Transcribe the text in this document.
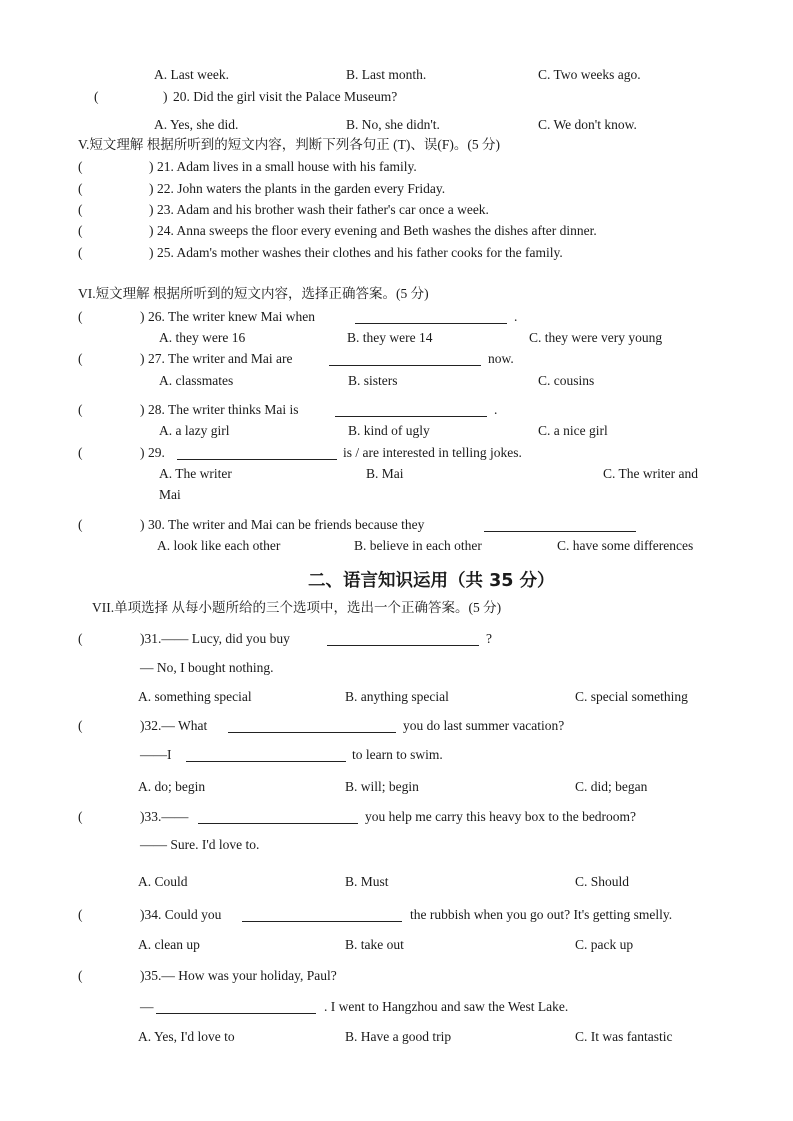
A. Last week.	B. Last month.	C. Two weeks ago.
(	) 20. Did the girl visit the Palace Museum?
A. Yes, she did.	B. No, she didn't.	C. We don't know.
V.短文理解 根据所听到的短文内容，判断下列各句正 (T)、误(F)。(5 分)
(	) 21. Adam lives in a small house with his family.
(	) 22. John waters the plants in the garden every Friday.
(	) 23. Adam and his brother wash their father's car once a week.
(	) 24. Anna sweeps the floor every evening and Beth washes the dishes after dinner.
(	) 25. Adam's mother washes their clothes and his father cooks for the family.
VI.短文理解 根据所听到的短文内容，选择正确答案。(5 分)
(	) 26. The writer knew Mai when	.
A. they were 16	B. they were 14	C. they were very young
(	) 27. The writer and Mai are	now.
A. classmates	B. sisters	C. cousins
(	) 28. The writer thinks Mai is	.
A. a lazy girl	B. kind of ugly	C. a nice girl
(	) 29.	is / are interested in telling jokes.
A. The writer	B. Mai	C. The writer and
Mai
(	) 30. The writer and Mai can be friends because they
A. look like each other	B. believe in each other	C. have some differences
二、语言知识运用（共 35 分）
VII.单项选择 从每小题所给的三个选项中，选出一个正确答案。(5 分)
(	)31.—— Lucy, did you buy	?
— No, I bought nothing.
A. something special	B. anything special	C. special something
(	)32.— What	you do last summer vacation?
——I	to learn to swim.
A. do; begin	B. will; begin	C. did; began
(	)33.——	you help me carry this heavy box to the bedroom?
—— Sure. I'd love to.
A. Could	B. Must	C. Should
(	)34. Could you	the rubbish when you go out? It's getting smelly.
A. clean up	B. take out	C. pack up
(	)35.— How was your holiday, Paul?
—	. I went to Hangzhou and saw the West Lake.
A. Yes, I'd love to	B. Have a good trip	C. It was fantastic
